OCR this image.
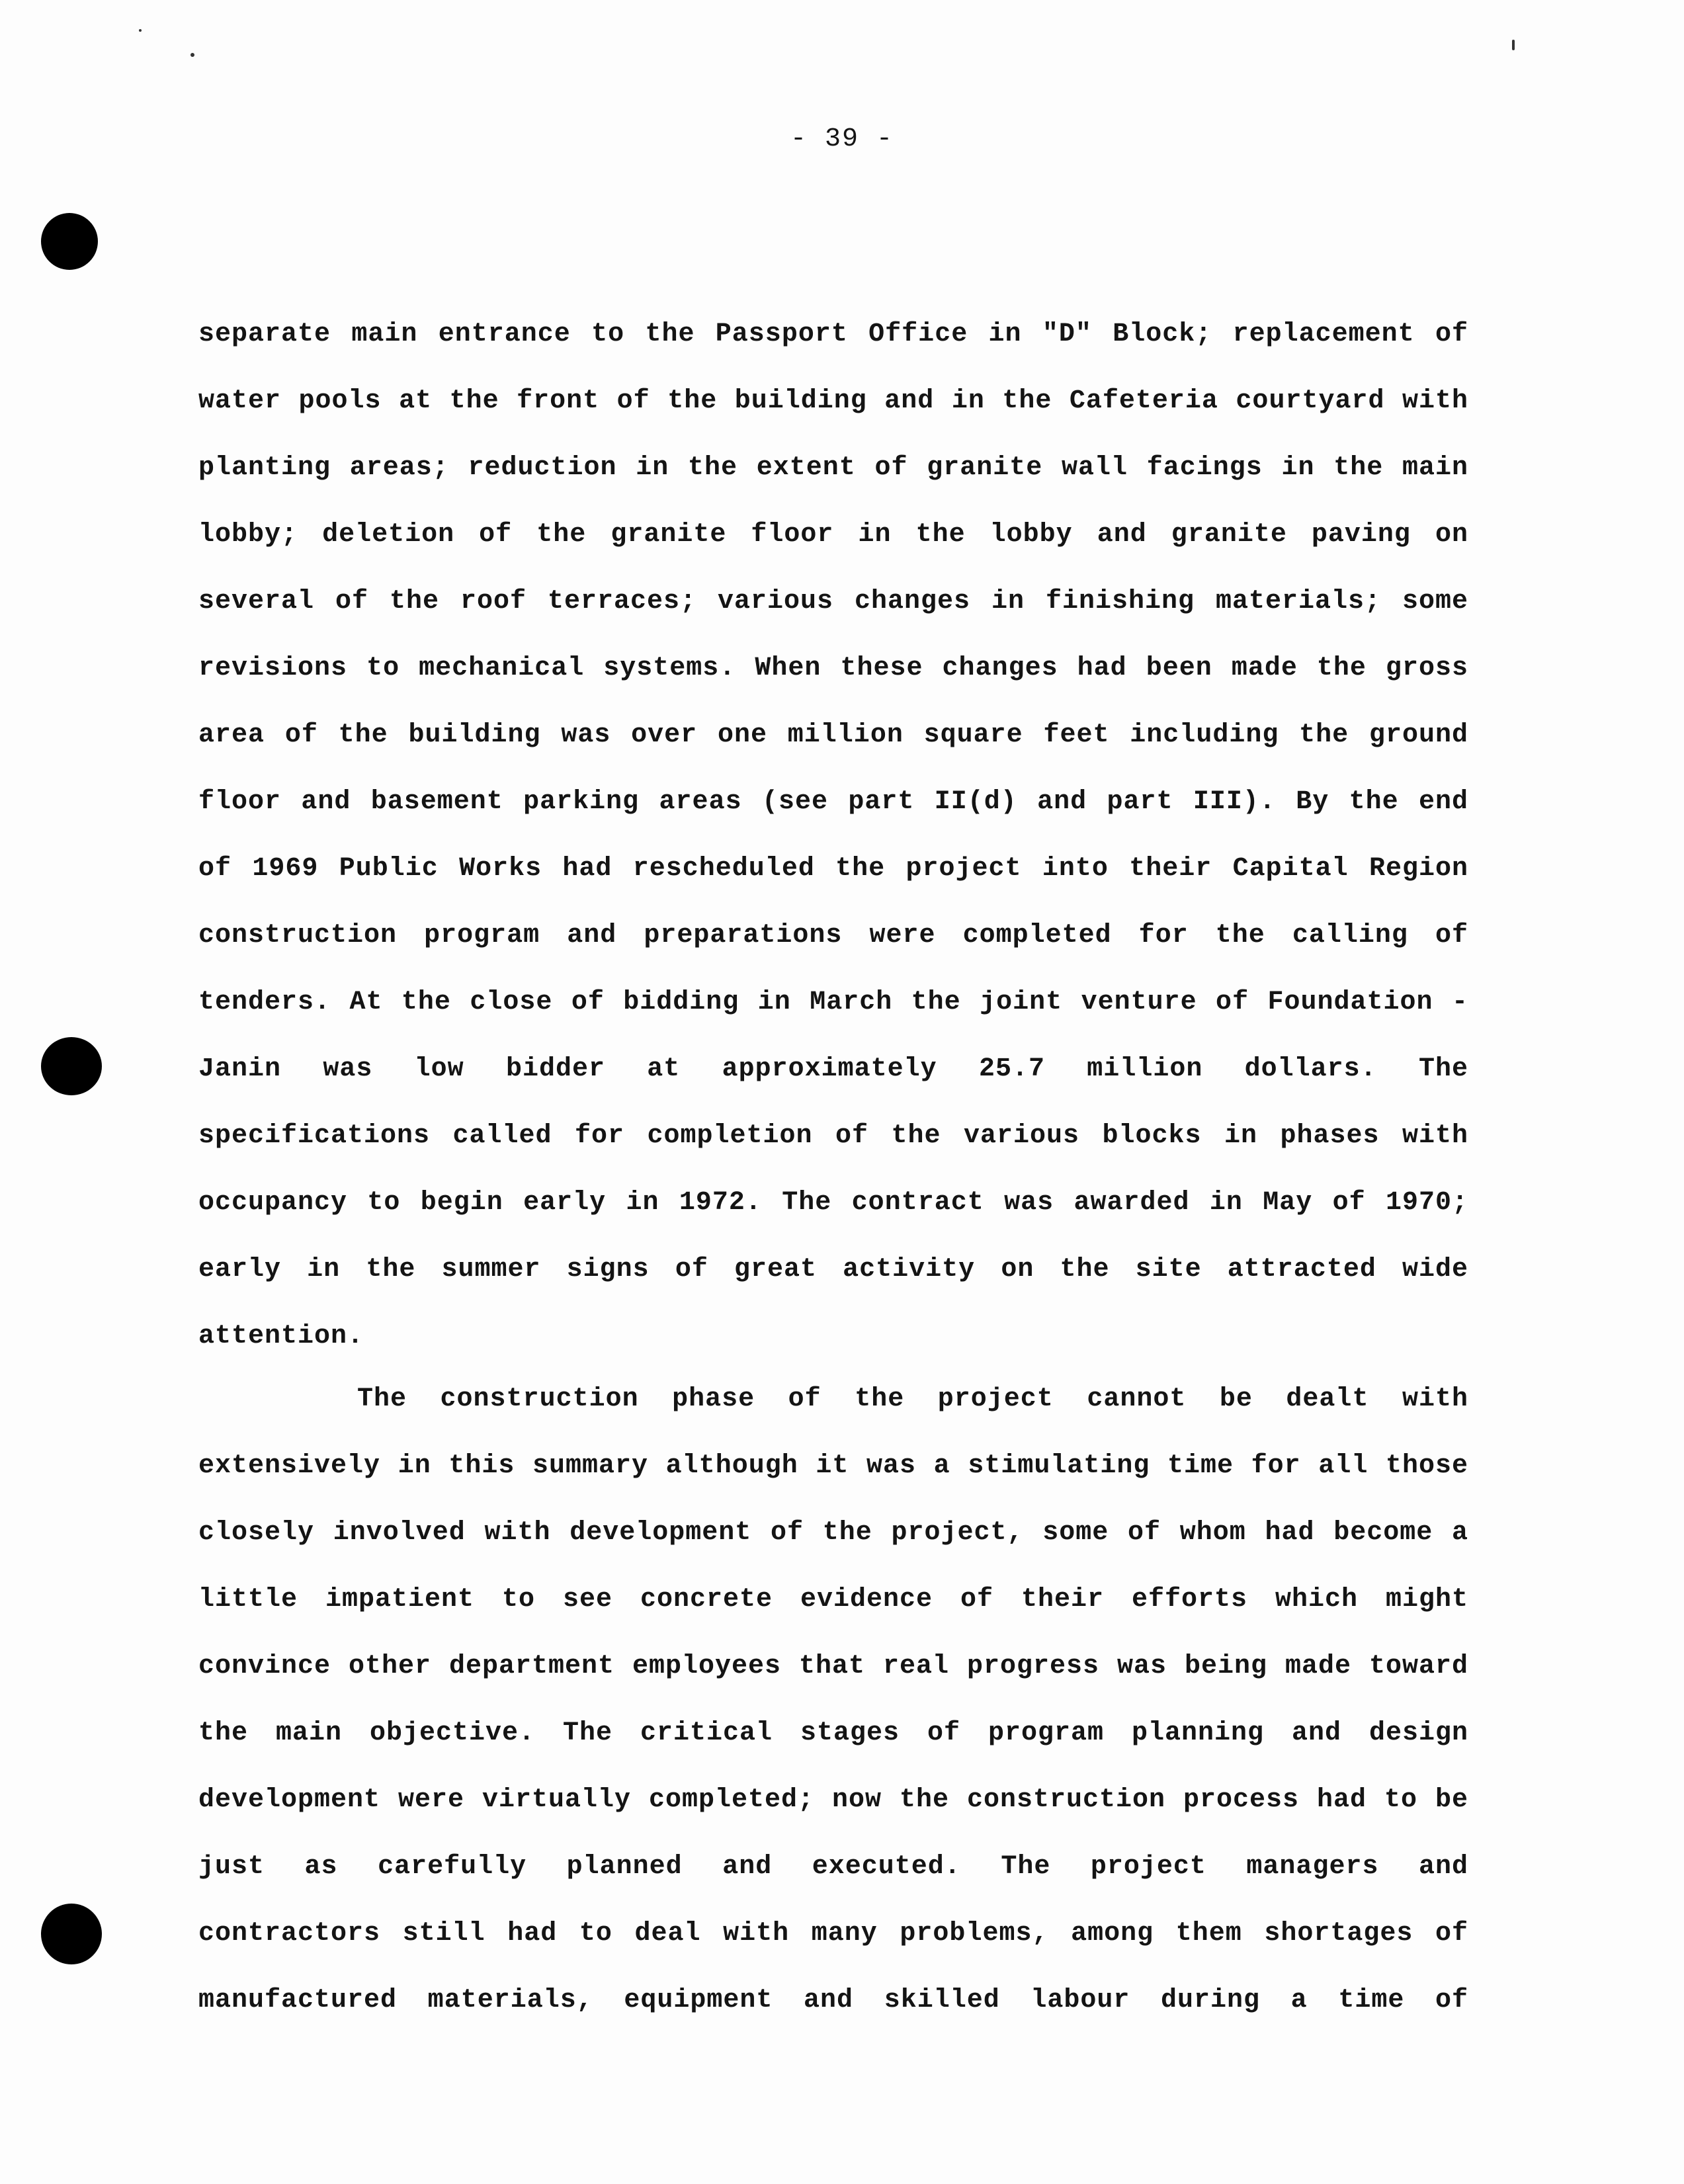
- 39 -
separate main entrance to the Passport Office in "D" Block; replacement of
water pools at the front of the building and in the Cafeteria courtyard with
planting areas; reduction in the extent of granite wall facings in the main
lobby; deletion of the granite floor in the lobby and granite paving on
several of the roof terraces; various changes in finishing materials; some
revisions to mechanical systems. When these changes had been made the gross
area of the building was over one million square feet including the ground
floor and basement parking areas (see part II(d) and part III). By the end
of 1969 Public Works had rescheduled the project into their Capital Region
construction program and preparations were completed for the calling of
tenders. At the close of bidding in March the joint venture of Foundation -
Janin was low bidder at approximately 25.7 million dollars. The
specifications called for completion of the various blocks in phases with
occupancy to begin early in 1972. The contract was awarded in May of 1970;
early in the summer signs of great activity on the site attracted wide
attention.
The construction phase of the project cannot be dealt with
extensively in this summary although it was a stimulating time for all those
closely involved with development of the project, some of whom had become a
little impatient to see concrete evidence of their efforts which might
convince other department employees that real progress was being made toward
the main objective. The critical stages of program planning and design
development were virtually completed; now the construction process had to be
just as carefully planned and executed. The project managers and
contractors still had to deal with many problems, among them shortages of
manufactured materials, equipment and skilled labour during a time of
